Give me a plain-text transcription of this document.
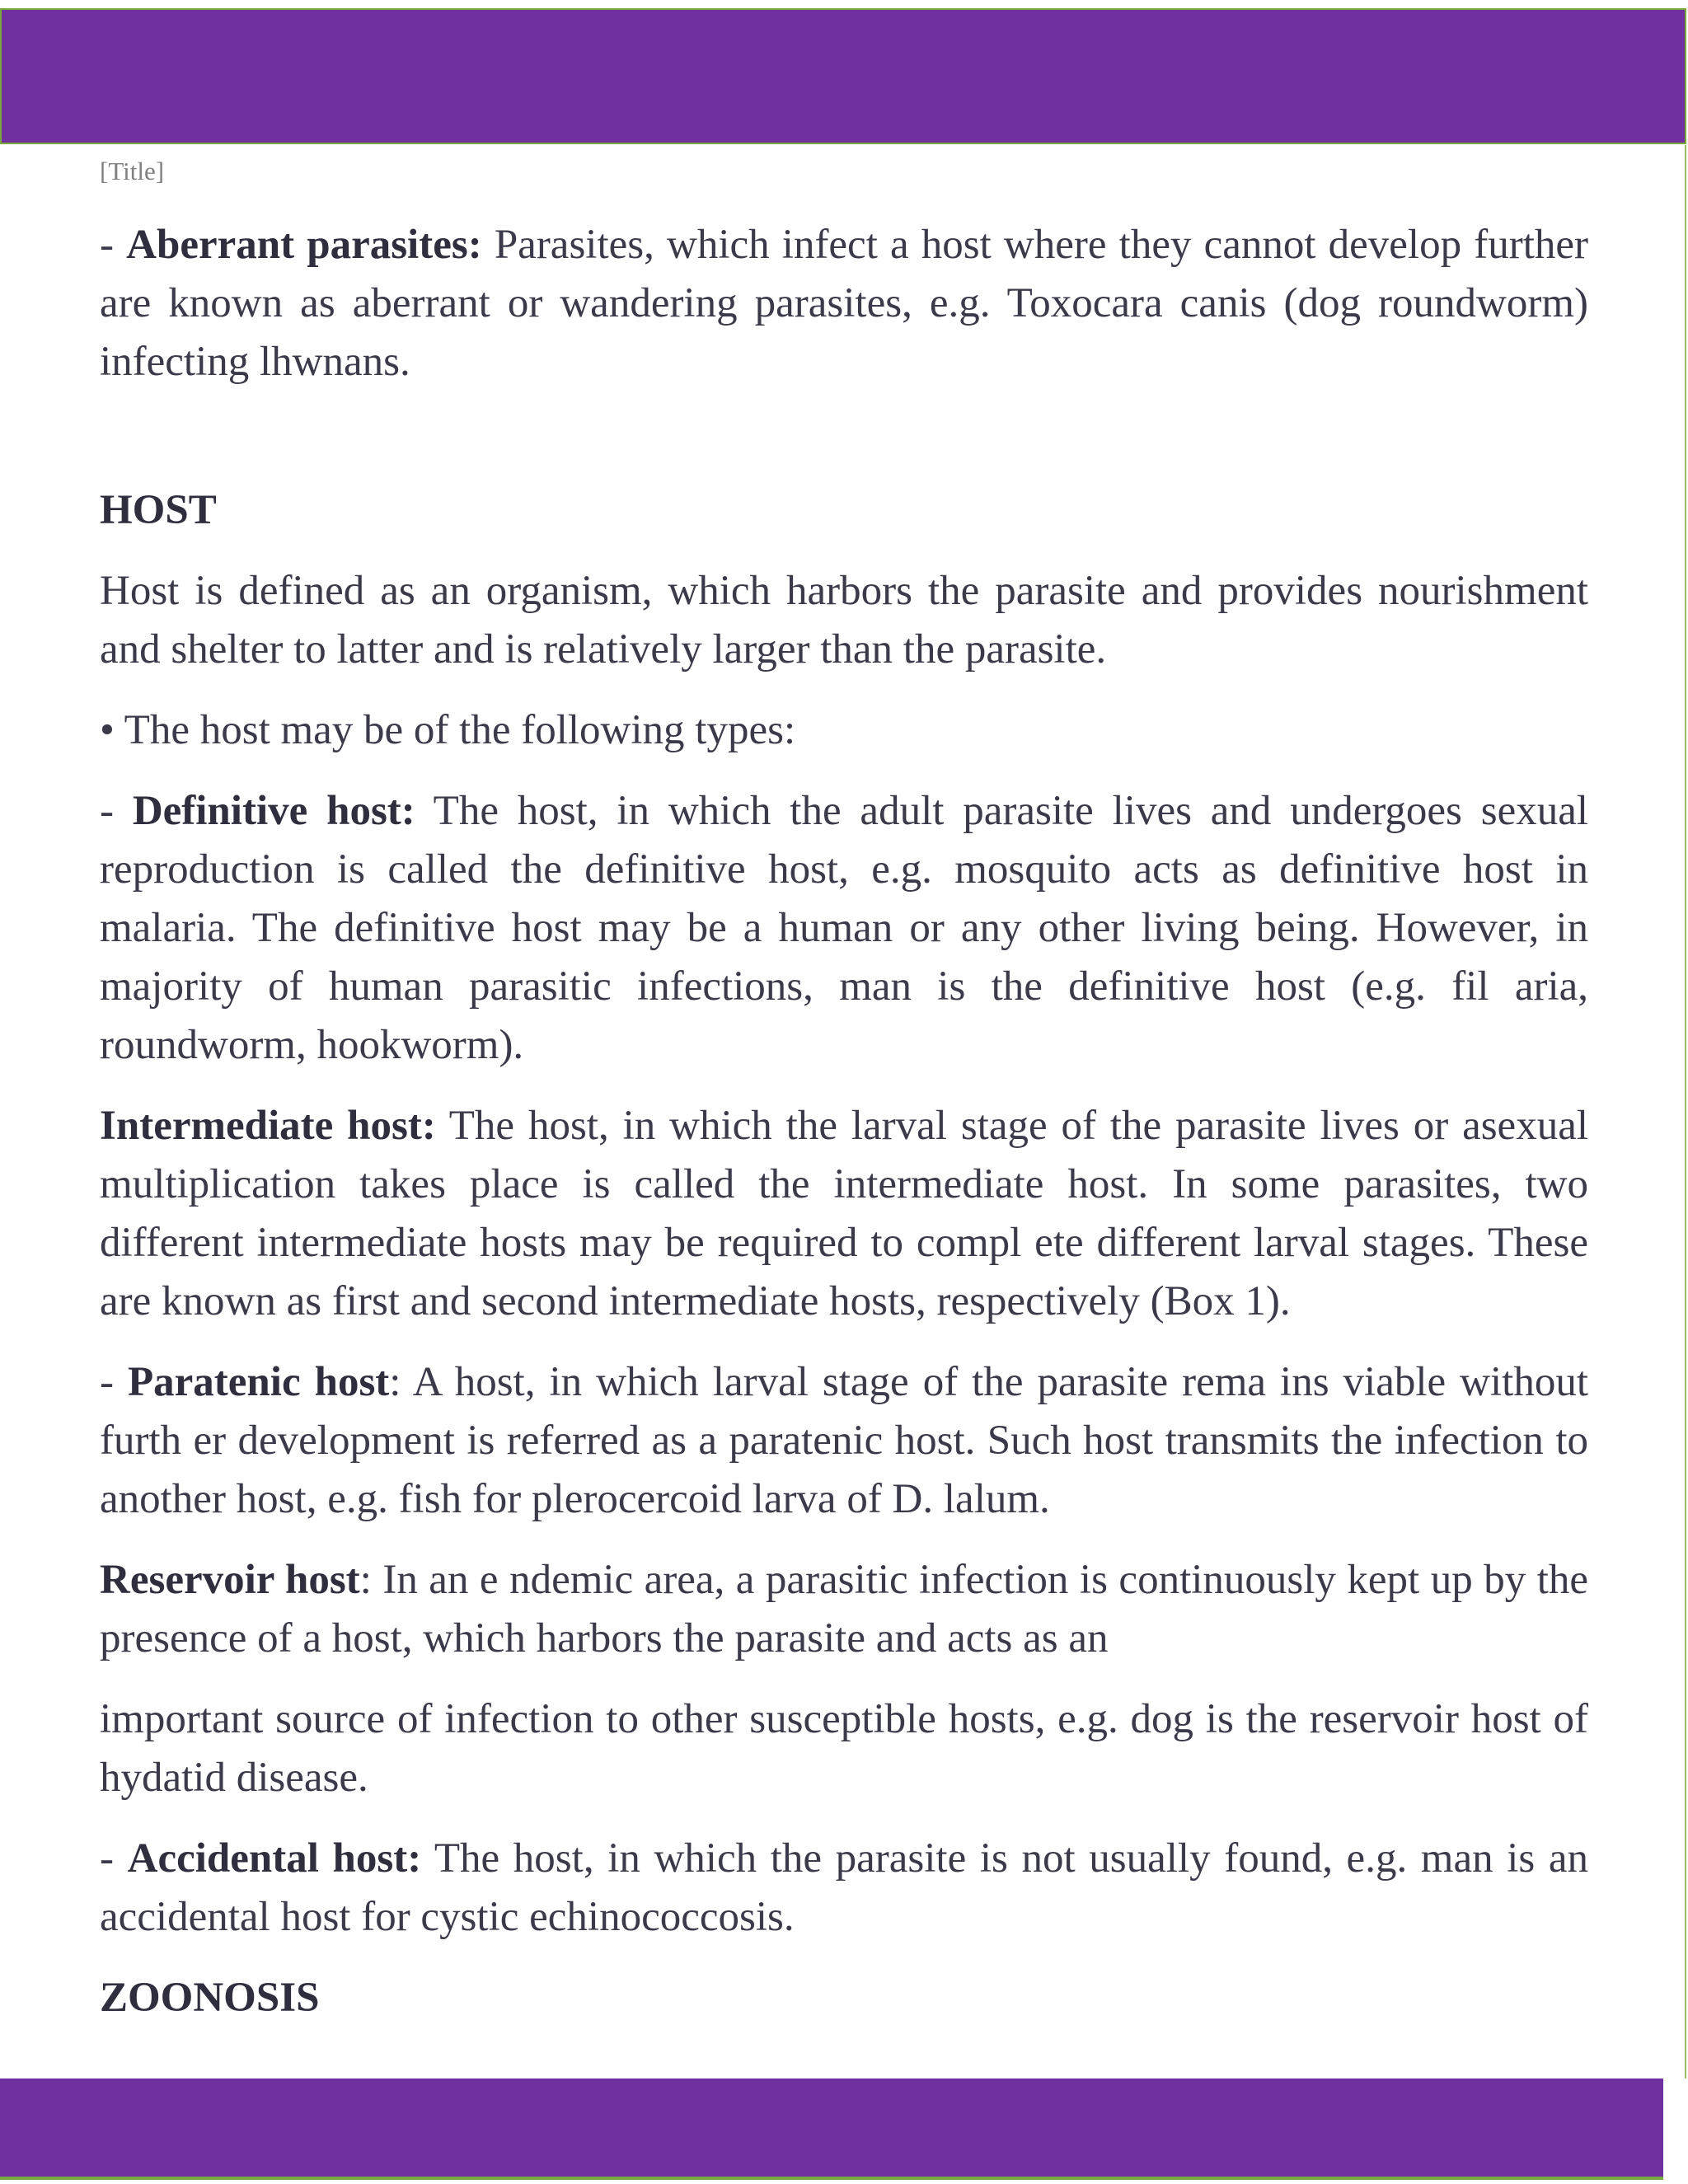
[Title]

- Aberrant parasites: Parasites, which infect a host where they cannot develop further are known as aberrant or wandering parasites, e.g. Toxocara canis (dog roundworm) infecting lhwnans.

HOST

Host is defined as an organism, which harbors the parasite and provides nourishment and shelter to latter and is relatively larger than the parasite.

• The host may be of the following types:

- Definitive host: The host, in which the adult parasite lives and undergoes sexual reproduction is called the definitive host, e.g. mosquito acts as definitive host in malaria. The definitive host may be a human or any other living being. However, in majority of human parasitic infections, man is the definitive host (e.g. fil aria, roundworm, hookworm).

Intermediate host: The host, in which the larval stage of the parasite lives or asexual multiplication takes place is called the intermediate host. In some parasites, two different intermediate hosts may be required to compl ete different larval stages. These are known as first and second intermediate hosts, respectively (Box 1).

- Paratenic host: A host, in which larval stage of the parasite rema ins viable without furth er development is referred as a paratenic host. Such host transmits the infection to another host, e.g. fish for plerocercoid larva of D. lalum.

Reservoir host: In an e ndemic area, a parasitic infection is continuously kept up by the presence of a host, which harbors the parasite and acts as an

important source of infection to other susceptible hosts, e.g. dog is the reservoir host of hydatid disease.

- Accidental host: The host, in which the parasite is not usually found, e.g. man is an accidental host for cystic echinococcosis.

ZOONOSIS
